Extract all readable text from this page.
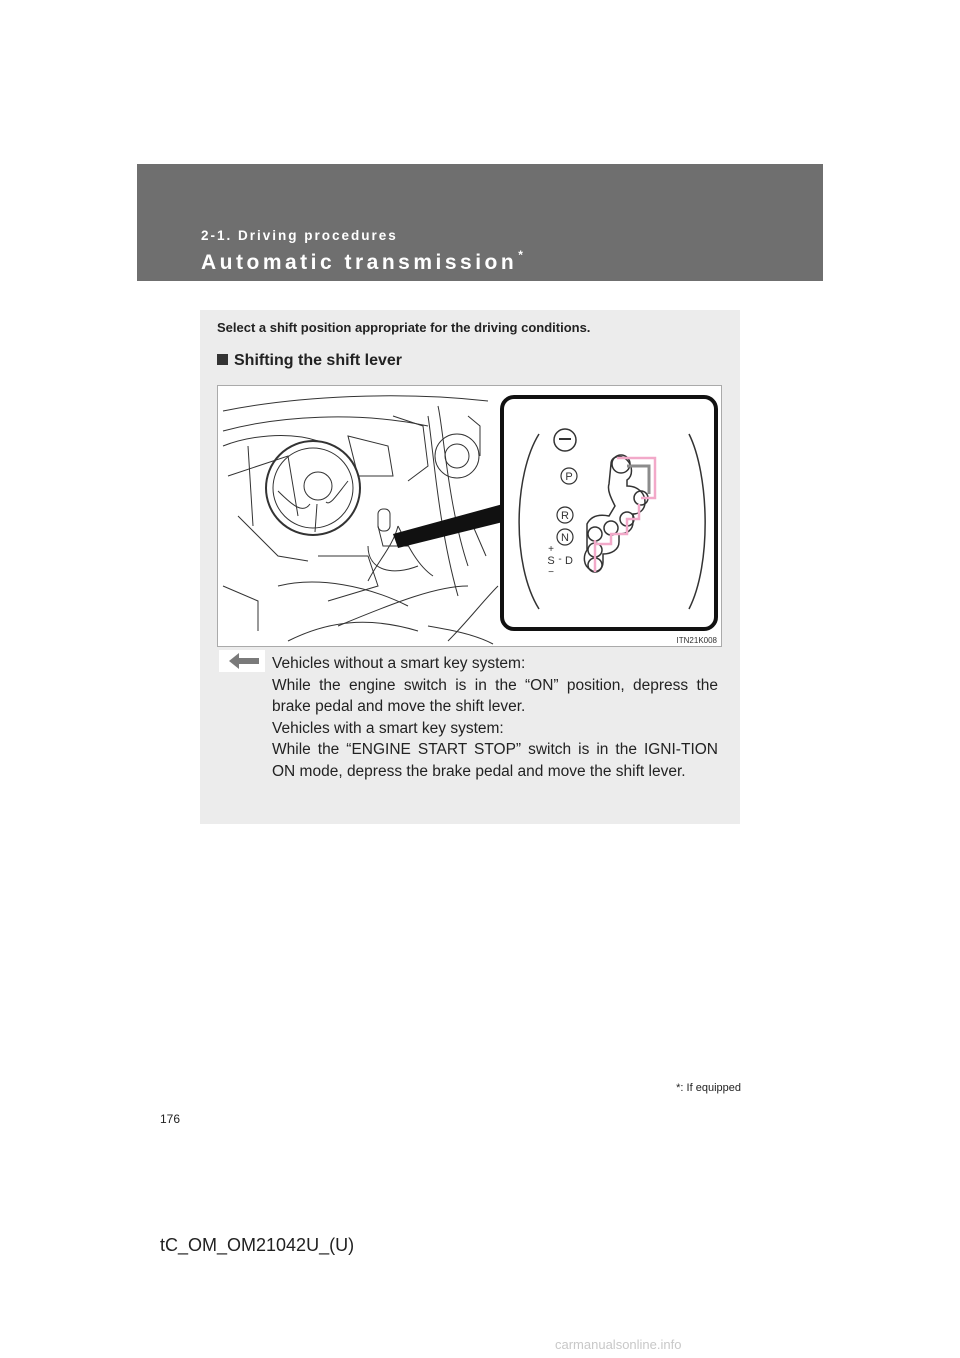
2-1. Driving procedures
Automatic transmission*
Select a shift position appropriate for the driving conditions.
Shifting the shift lever
P
R
N
S D
+
-
−
ITN21K008

Vehicles without a smart key system:

While the engine switch is in the “ON” position, depress the brake pedal and move the shift lever.

Vehicles with a smart key system:

While the “ENGINE START STOP” switch is in the IGNI-TION ON mode, depress the brake pedal and move the shift lever.

*: If equipped
176
tC_OM_OM21042U_(U)
carmanualsonline.info
